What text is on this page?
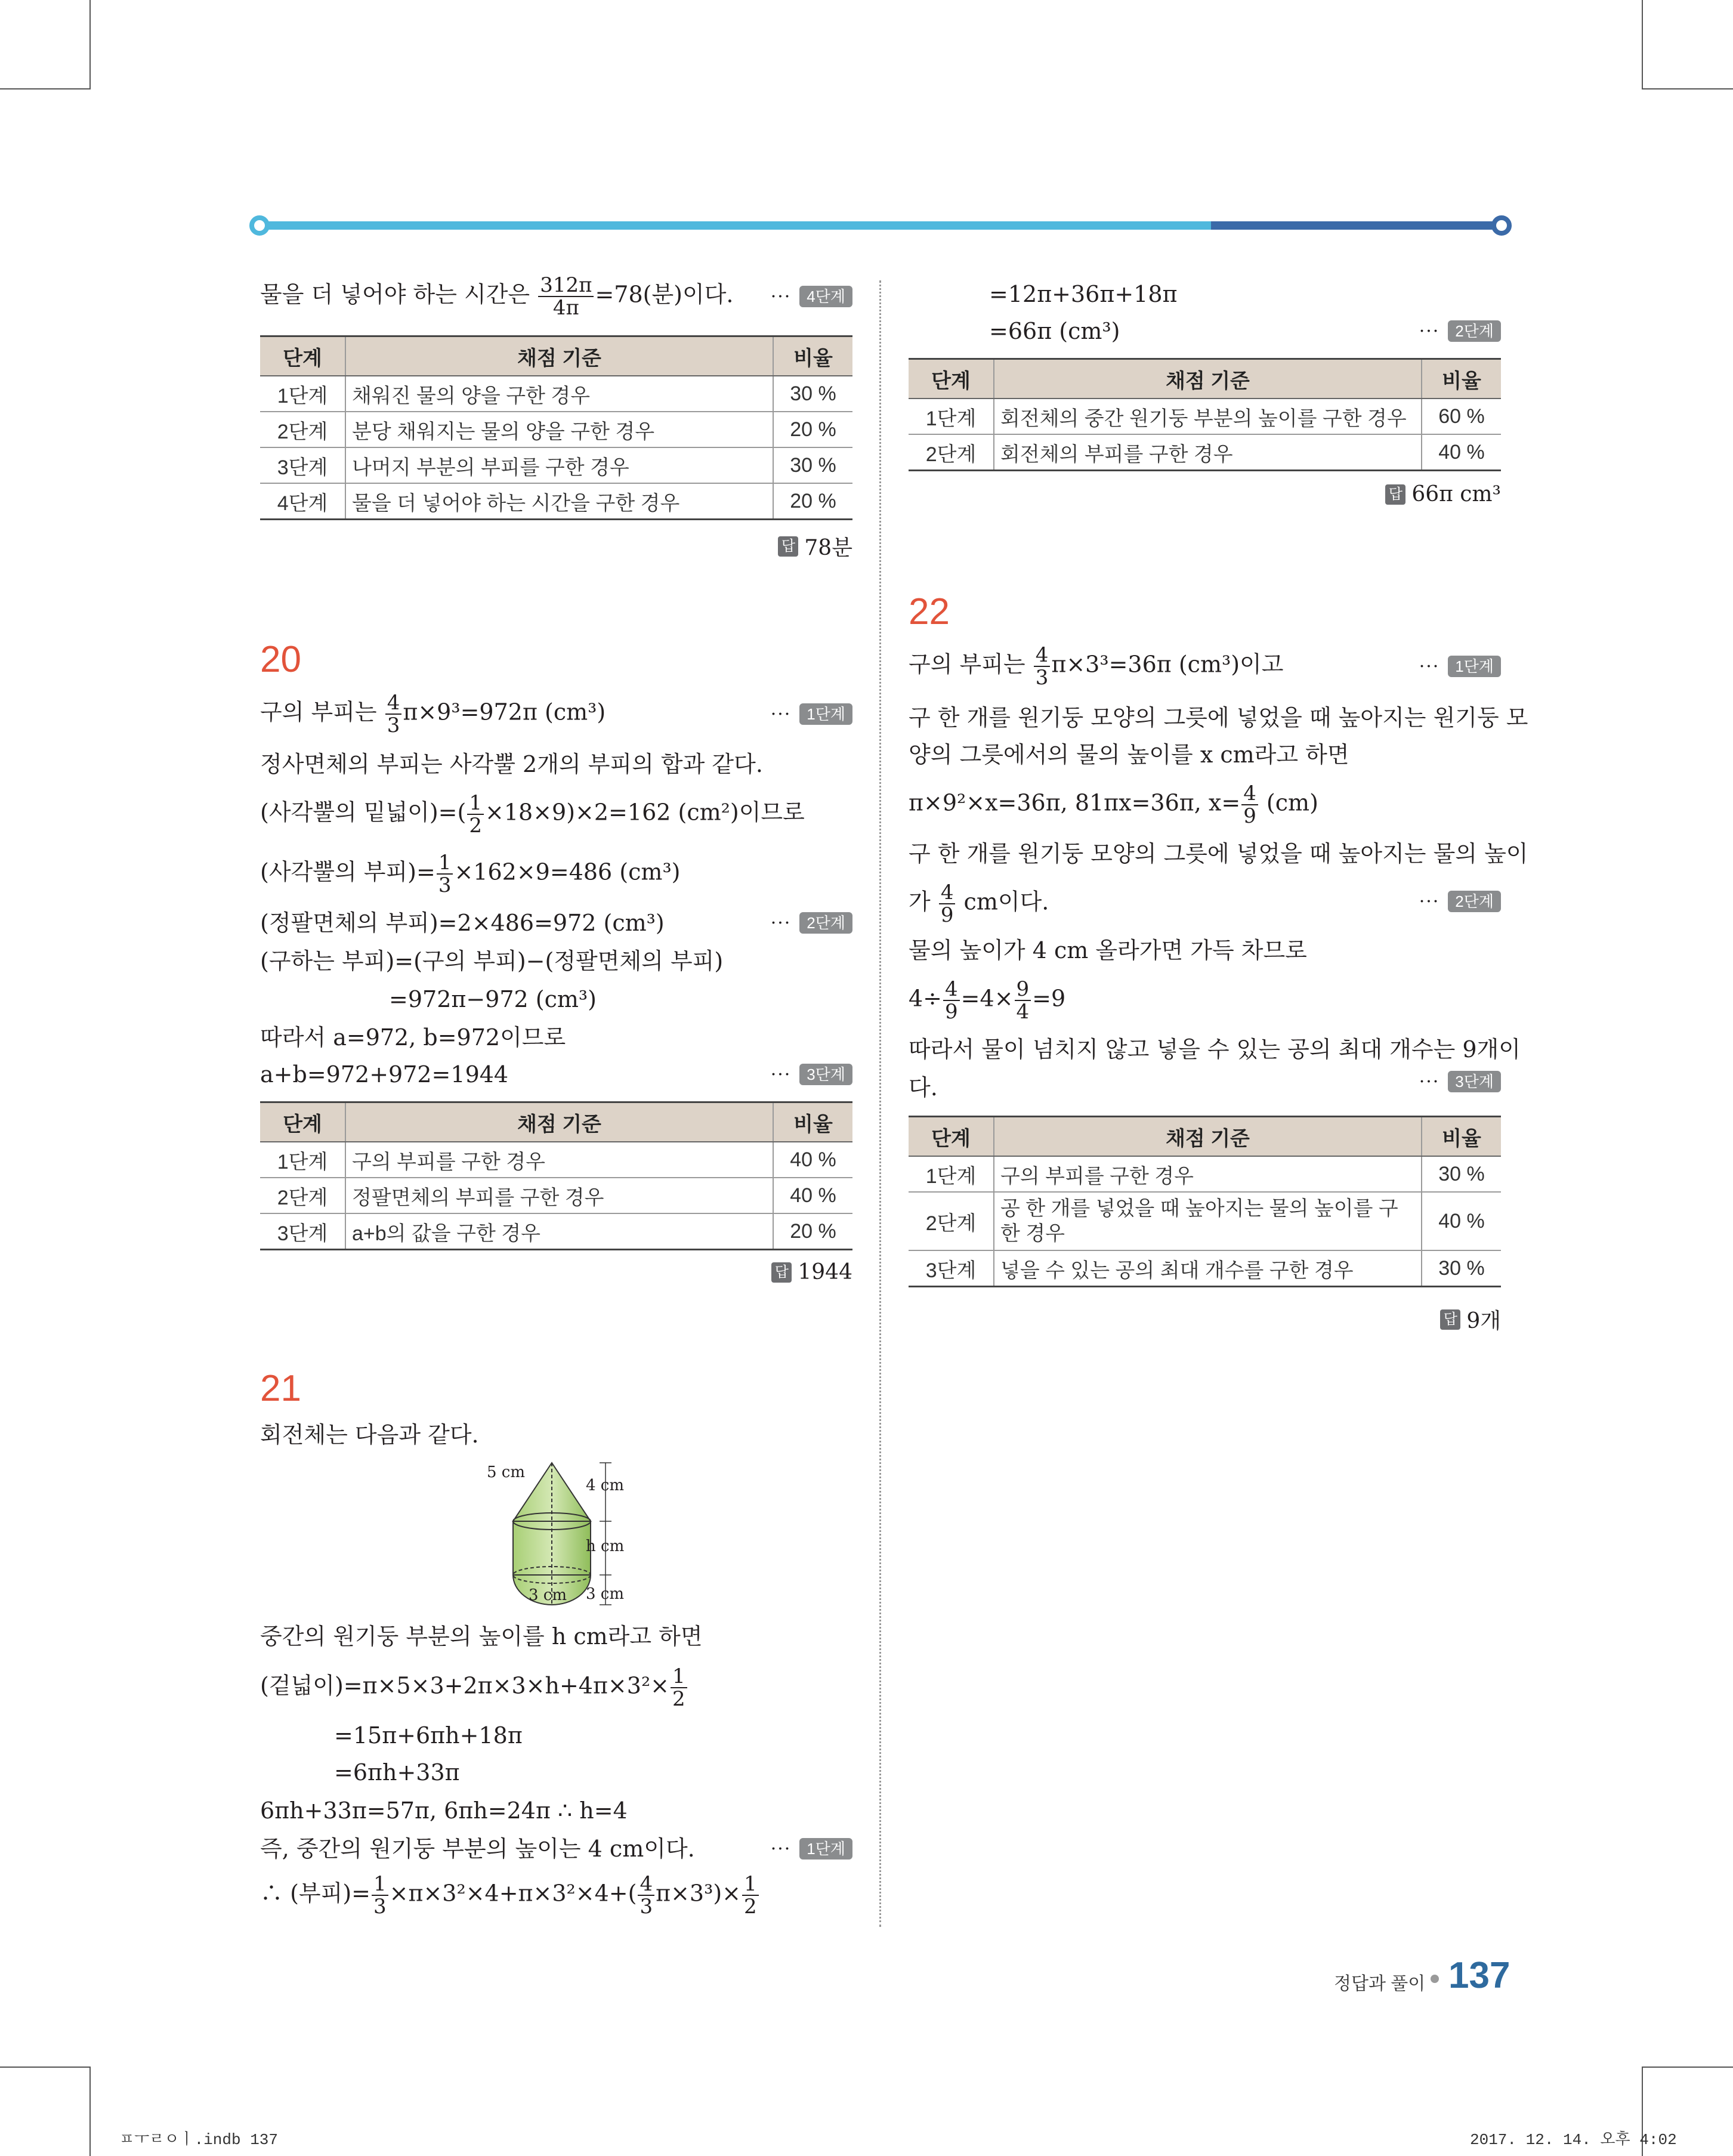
물을 더 넣어야 하는 시간은 $\frac{312\pi}{4\pi} =78$(분)이다. ···	4단계
단계	채점 기준	비율
1단계	채워진 물의 양을 구한 경우	30 %
2단계	분당 채워지는 물의 양을 구한 경우	20 %
3단계	나머지 부분의 부피를 구한 경우	30 %
4단계	물을 더 넣어야 하는 시간을 구한 경우	20 %
답 78분
20
구의 부피는 $\frac{4}{3} \pi\times 9^3=972\pi$ (cm³)	···	1단계
정사면체의 부피는 사각뿔 2개의 부피의 합과 같다.
(사각뿔의 밑넓이)=( $\frac{1}{2} \times 18\times 9)\times 2=162$ (cm²)이므로
(사각뿔의 부피)= $\frac{1}{3} \times 162\times 9=486$ (cm³)
(정팔면체의 부피)=2×486=972 (cm³)	···	2단계
(구하는 부피)=(구의 부피)−(정팔면체의 부피)
=972π−972 (cm³)
따라서 a=972, b=972이므로
a+b=972+972=1944	···	3단계
단계	채점 기준	비율
1단계	구의 부피를 구한 경우	40 %
2단계	정팔면체의 부피를 구한 경우	40 %
3단계	a+b의 값을 구한 경우	20 %
답 1944
21
회전체는 다음과 같다.
5 cm
4 cm
h cm
3 cm 3 cm
중간의 원기둥 부분의 높이를 h cm라고 하면
(겉넓이)$=\pi\times 5\times 3+2\pi\times 3\times h+4\pi\times 3^2\times \frac{1}{2}$
=15π+6πh+18π
=6πh+33π
6πh+33π=57π, 6πh=24π ∴ h=4
즉, 중간의 원기둥 부분의 높이는 4 cm이다.	···	1단계
∴ (부피)= $\frac{1}{3} \times\pi\times 3^2\times 4+\pi\times 3^2\times 4+( \frac{4}{3} \pi\times 3^3)\times \frac{1}{2}$
=12π+36π+18π
=66π (cm³)	···	2단계
단계	채점 기준	비율
1단계	회전체의 중간 원기둥 부분의 높이를 구한 경우	60 %
2단계	회전체의 부피를 구한 경우	40 %
답 66π cm³
22
구의 부피는 $\frac{4}{3} \pi\times 3^3=36\pi$ (cm³)이고	···	1단계
구 한 개를 원기둥 모양의 그릇에 넣었을 때 높아지는 원기둥 모
양의 그릇에서의 물의 높이를 x cm라고 하면
π×9²×x=36π, 81πx=36π, $x= \frac{4}{9} (cm)$
구 한 개를 원기둥 모양의 그릇에 넣었을 때 높아지는 물의 높이
가 $\frac{4}{9}$ cm이다.	···	2단계
물의 높이가 4 cm 올라가면 가득 차므로
$4\div \frac{4}{9} =4\times \frac{9}{4} =9$
따라서 물이 넘치지 않고 넣을 수 있는 공의 최대 개수는 9개이
다.	···	3단계
단계	채점 기준	비율
1단계	구의 부피를 구한 경우	30 %
2단계	공 한 개를 넣었을 때 높아지는 물의 높이를 구한 경우	40 %
3단계	넣을 수 있는 공의 최대 개수를 구한 경우	30 %
답 9개
정답과 풀이 137
ㅍㅜㄹㅇㅣ.indb 137	2017. 12. 14. 오후 4:02
